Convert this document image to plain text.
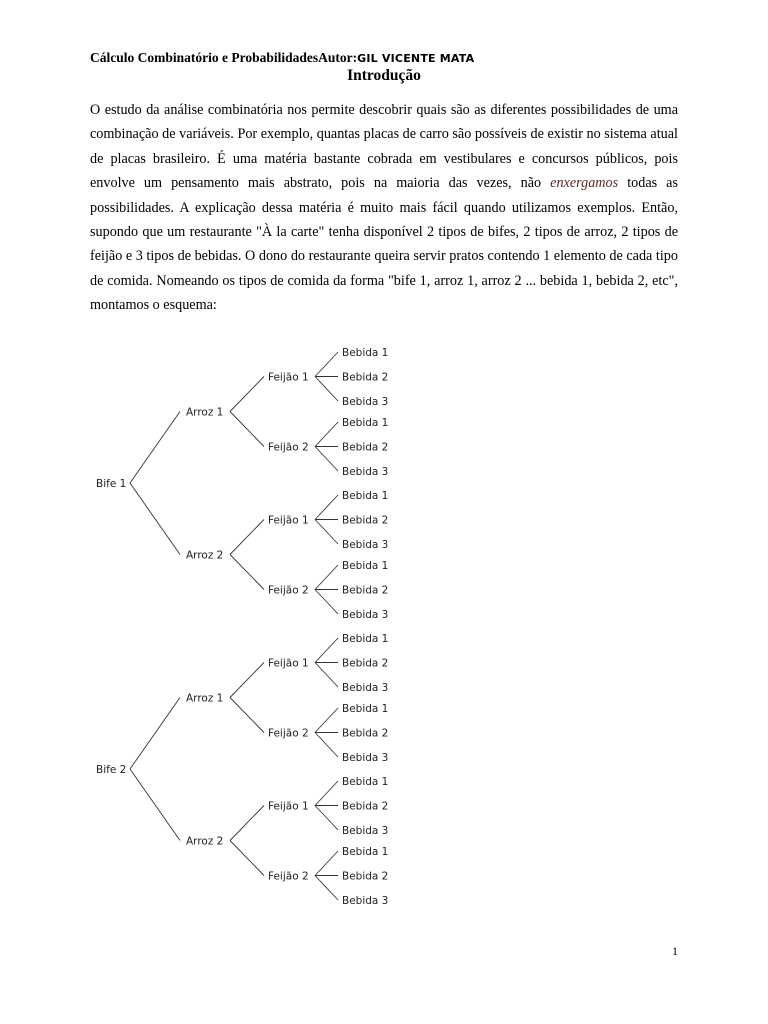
Cálculo Combinatório e ProbabilidadesAutor:GIL VICENTE MATA
Introdução
O estudo da análise combinatória nos permite descobrir quais são as diferentes possibilidades de uma combinação de variáveis. Por exemplo, quantas placas de carro são possíveis de existir no sistema atual de placas brasileiro. É uma matéria bastante cobrada em vestibulares e concursos públicos, pois envolve um pensamento mais abstrato, pois na maioria das vezes, não enxergamos todas as possibilidades. A explicação dessa matéria é muito mais fácil quando utilizamos exemplos. Então, supondo que um restaurante "À la carte" tenha disponível 2 tipos de bifes, 2 tipos de arroz, 2 tipos de feijão e 3 tipos de bebidas. O dono do restaurante queira servir pratos contendo 1 elemento de cada tipo de comida. Nomeando os tipos de comida da forma "bife 1, arroz 1, arroz 2 ... bebida 1, bebida 2, etc", montamos o esquema:
Bebida 1
Bebida 2
Bebida 3
Feijão 1
Bebida 1
Bebida 2
Bebida 3
Feijão 2
Arroz 1
Bebida 1
Bebida 2
Bebida 3
Feijão 1
Bebida 1
Bebida 2
Bebida 3
Feijão 2
Arroz 2
Bife 1
Bebida 1
Bebida 2
Bebida 3
Feijão 1
Bebida 1
Bebida 2
Bebida 3
Feijão 2
Arroz 1
Bebida 1
Bebida 2
Bebida 3
Feijão 1
Bebida 1
Bebida 2
Bebida 3
Feijão 2
Arroz 2
Bife 2
1
